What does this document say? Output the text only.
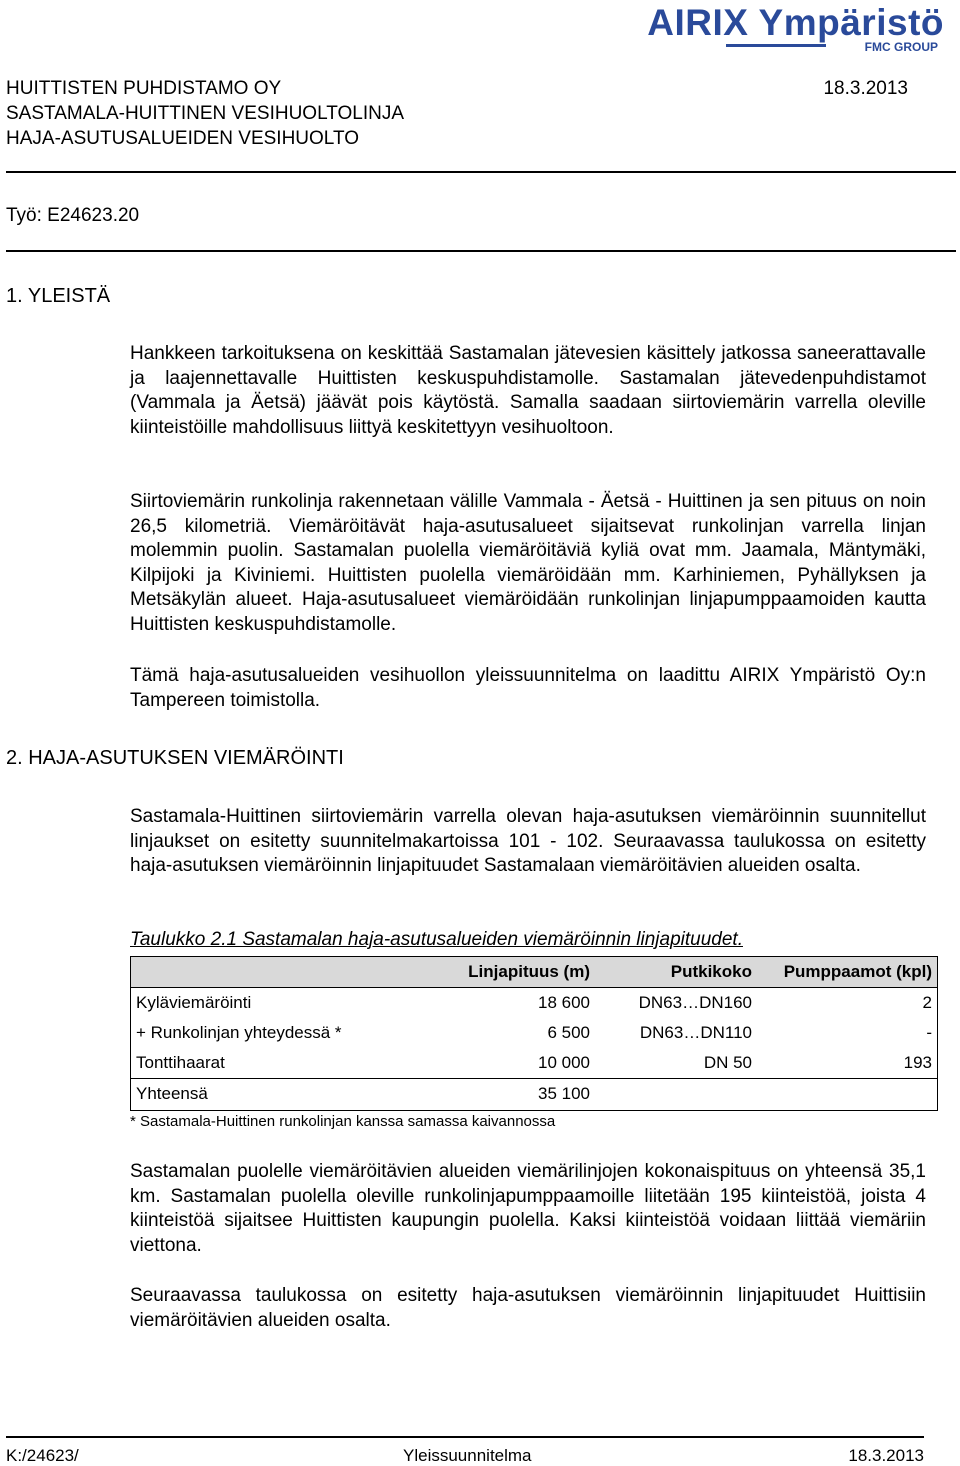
AIRIX Ympäristö
FMC GROUP
HUITTISTEN PUHDISTAMO OY
SASTAMALA-HUITTINEN VESIHUOLTOLINJA
HAJA-ASUTUSALUEIDEN VESIHUOLTO
18.3.2013
Työ: E24623.20
1. YLEISTÄ

Hankkeen tarkoituksena on keskittää Sastamalan jätevesien käsittely jatkossa saneerattavalle ja laajennettavalle Huittisten keskuspuhdistamolle. Sastamalan jätevedenpuhdistamot (Vammala ja Äetsä) jäävät pois käytöstä. Samalla saadaan siirtoviemärin varrella oleville kiinteistöille mahdollisuus liittyä keskitettyyn vesihuoltoon.

Siirtoviemärin runkolinja rakennetaan välille Vammala - Äetsä - Huittinen ja sen pituus on noin 26,5 kilometriä. Viemäröitävät haja-asutusalueet sijaitsevat runkolinjan varrella linjan molemmin puolin. Sastamalan puolella viemäröitäviä kyliä ovat mm. Jaamala, Mäntymäki, Kilpijoki ja Kiviniemi. Huittisten puolella viemäröidään mm. Karhiniemen, Pyhällyksen ja Metsäkylän alueet. Haja-asutusalueet viemäröidään runkolinjan linjapumppaamoiden kautta Huittisten keskuspuhdistamolle.

Tämä haja-asutusalueiden vesihuollon yleissuunnitelma on laadittu AIRIX Ympäristö Oy:n Tampereen toimistolla.

2. HAJA-ASUTUKSEN VIEMÄRÖINTI

Sastamala-Huittinen siirtoviemärin varrella olevan haja-asutuksen viemäröinnin suunnitellut linjaukset on esitetty suunnitelmakartoissa 101 - 102. Seuraavassa taulukossa on esitetty haja-asutuksen viemäröinnin linjapituudet Sastamalaan viemäröitävien alueiden osalta.

Taulukko 2.1 Sastamalan haja-asutusalueiden viemäröinnin linjapituudet.
	Linjapituus (m)	Putkikoko	Pumppaamot (kpl)
Kyläviemäröinti	18 600	DN63…DN160	2
+ Runkolinjan yhteydessä *	6 500	DN63…DN110	-
Tonttihaarat	10 000	DN 50	193
Yhteensä	35 100		
* Sastamala-Huittinen runkolinjan kanssa samassa kaivannossa

Sastamalan puolelle viemäröitävien alueiden viemärilinjojen kokonaispituus on yhteensä 35,1 km. Sastamalan puolella oleville runkolinjapumppaamoille liitetään 195 kiinteistöä, joista 4 kiinteistöä sijaitsee Huittisten kaupungin puolella. Kaksi kiinteistöä voidaan liittää viemäriin viettona.

Seuraavassa taulukossa on esitetty haja-asutuksen viemäröinnin linjapituudet Huittisiin viemäröitävien alueiden osalta.

K:/24623/	Yleissuunnitelma	18.3.2013
